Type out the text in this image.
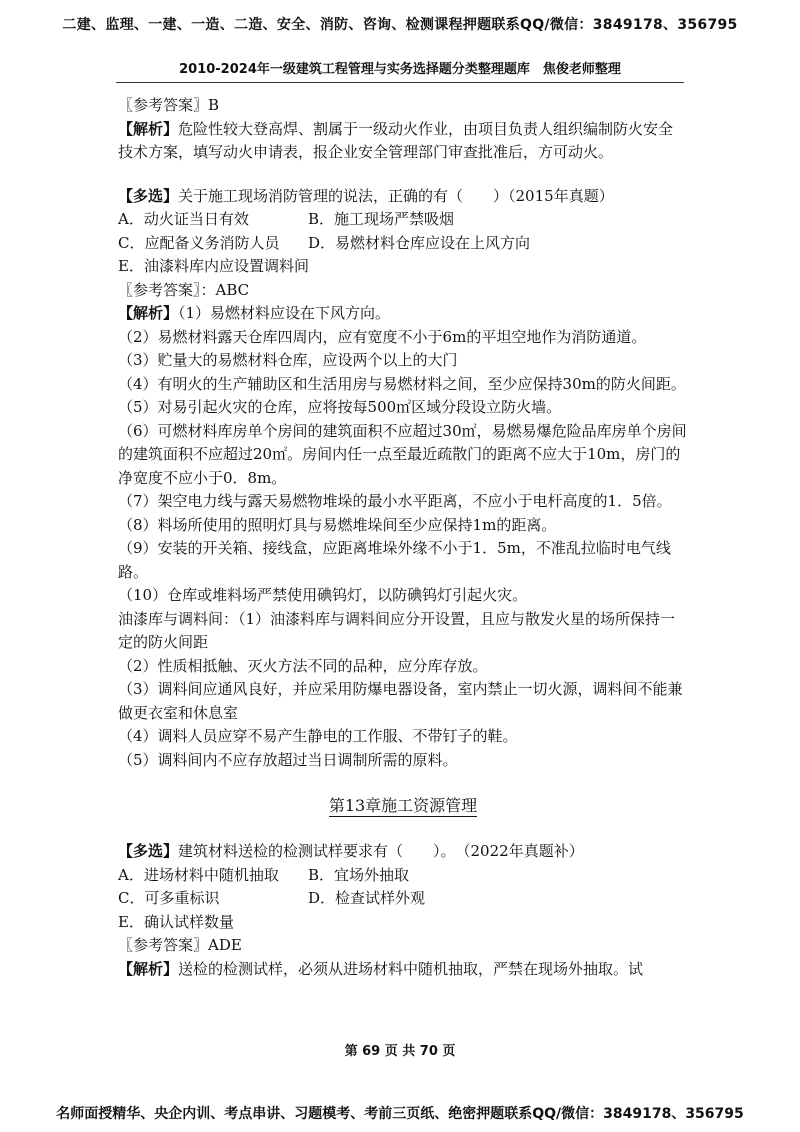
二建、监理、一建、一造、二造、安全、消防、咨询、检测课程押题联系QQ/微信：3849178、356795
2010-2024年一级建筑工程管理与实务选择题分类整理题库　焦俊老师整理

〖参考答案〗B

【解析】危险性较大登高焊、割属于一级动火作业，由项目负责人组织编制防火安全技术方案，填写动火申请表，报企业安全管理部门审查批准后，方可动火。

【多选】关于施工现场消防管理的说法，正确的有（　　）（2015年真题）

A．动火证当日有效	B．施工现场严禁吸烟

C．应配备义务消防人员	D．易燃材料仓库应设在上风方向

E．油漆料库内应设置调料间

〖参考答案〗：ABC

【解析】（1）易燃材料应设在下风方向。

（2）易燃材料露天仓库四周内，应有宽度不小于6m的平坦空地作为消防通道。

（3）贮量大的易燃材料仓库，应设两个以上的大门

（4）有明火的生产辅助区和生活用房与易燃材料之间，至少应保持30m的防火间距。

（5）对易引起火灾的仓库，应将按每500㎡区域分段设立防火墙。

（6）可燃材料库房单个房间的建筑面积不应超过30㎡，易燃易爆危险品库房单个房间的建筑面积不应超过20㎡。房间内任一点至最近疏散门的距离不应大于10m，房门的净宽度不应小于0．8m。

（7）架空电力线与露天易燃物堆垛的最小水平距离，不应小于电杆高度的1．5倍。

（8）料场所使用的照明灯具与易燃堆垛间至少应保持1m的距离。

（9）安装的开关箱、接线盒，应距离堆垛外缘不小于1．5m，不准乱拉临时电气线路。

（10）仓库或堆料场严禁使用碘钨灯，以防碘钨灯引起火灾。

油漆库与调料间：（1）油漆料库与调料间应分开设置，且应与散发火星的场所保持一定的防火间距

（2）性质相抵触、灭火方法不同的品种，应分库存放。

（3）调料间应通风良好，并应采用防爆电器设备，室内禁止一切火源，调料间不能兼做更衣室和休息室

（4）调料人员应穿不易产生静电的工作服、不带钉子的鞋。

（5）调料间内不应存放超过当日调制所需的原料。

第13章施工资源管理

【多选】建筑材料送检的检测试样要求有（　　）。　（2022年真题补）

A．进场材料中随机抽取	B．宜场外抽取

C．可多重标识	D．检查试样外观

E．确认试样数量

〖参考答案〗ADE

【解析】送检的检测试样，必须从进场材料中随机抽取，严禁在现场外抽取。试

第 69 页 共 70 页
名师面授精华、央企内训、考点串讲、习题模考、考前三页纸、绝密押题联系QQ/微信：3849178、356795
